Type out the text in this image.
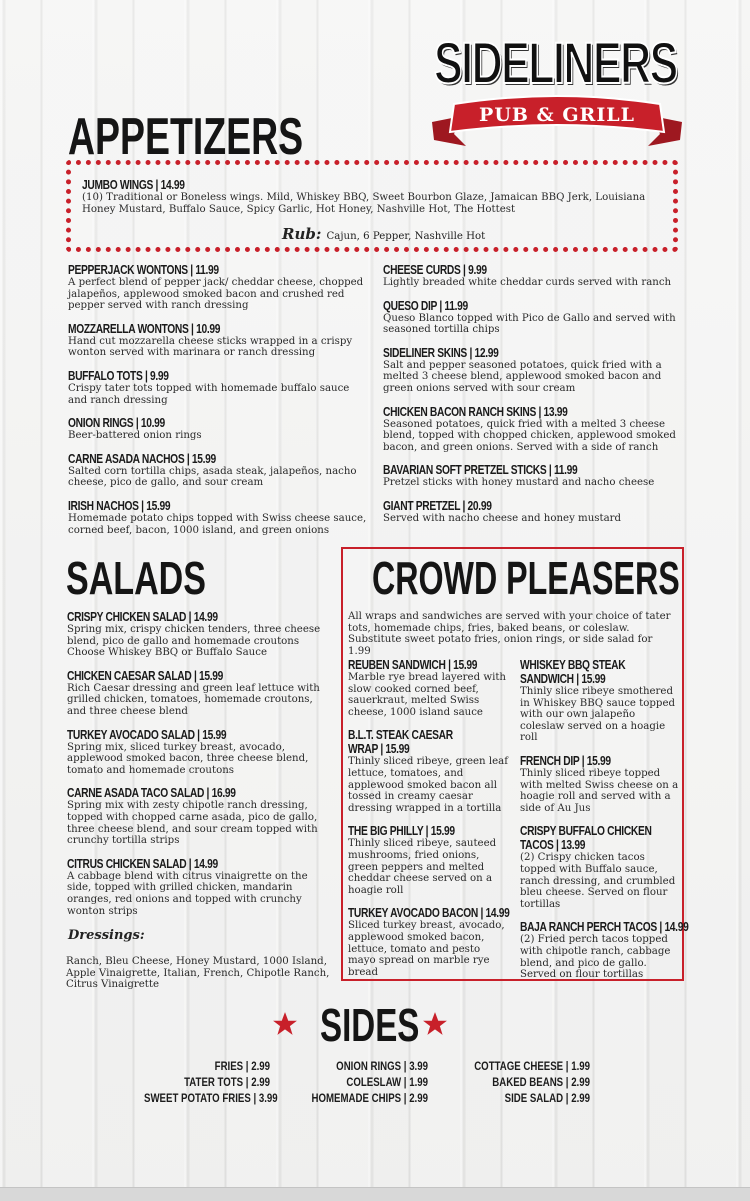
SIDELINERS
PUB & GRILL
APPETIZERS
JUMBO WINGS | 14.99
(10) Traditional or Boneless wings. Mild, Whiskey BBQ, Sweet Bourbon Glaze, Jamaican BBQ Jerk, Louisiana Honey Mustard, Buffalo Sauce, Spicy Garlic, Hot Honey, Nashville Hot, The Hottest
Rub: Cajun, 6 Pepper, Nashville Hot
PEPPERJACK WONTONS | 11.99
A perfect blend of pepper jack/ cheddar cheese, chopped jalapeños, applewood smoked bacon and crushed red pepper served with ranch dressing
MOZZARELLA WONTONS | 10.99
Hand cut mozzarella cheese sticks wrapped in a crispy wonton served with marinara or ranch dressing
BUFFALO TOTS | 9.99
Crispy tater tots topped with homemade buffalo sauce and ranch dressing
ONION RINGS | 10.99
Beer-battered onion rings
CARNE ASADA NACHOS | 15.99
Salted corn tortilla chips, asada steak, jalapeños, nacho cheese, pico de gallo, and sour cream
IRISH NACHOS | 15.99
Homemade potato chips topped with Swiss cheese sauce, corned beef, bacon, 1000 island, and green onions
CHEESE CURDS | 9.99
Lightly breaded white cheddar curds served with ranch
QUESO DIP | 11.99
Queso Blanco topped with Pico de Gallo and served with seasoned tortilla chips
SIDELINER SKINS | 12.99
Salt and pepper seasoned potatoes, quick fried with a melted 3 cheese blend, applewood smoked bacon and green onions served with sour cream
CHICKEN BACON RANCH SKINS | 13.99
Seasoned potatoes, quick fried with a melted 3 cheese blend, topped with chopped chicken, applewood smoked bacon, and green onions. Served with a side of ranch
BAVARIAN SOFT PRETZEL STICKS | 11.99
Pretzel sticks with honey mustard and nacho cheese
GIANT PRETZEL | 20.99
Served with nacho cheese and honey mustard
SALADS
CRISPY CHICKEN SALAD | 14.99
Spring mix, crispy chicken tenders, three cheese blend, pico de gallo and homemade croutons Choose Whiskey BBQ or Buffalo Sauce
CHICKEN CAESAR SALAD | 15.99
Rich Caesar dressing and green leaf lettuce with grilled chicken, tomatoes, homemade croutons, and three cheese blend
TURKEY AVOCADO SALAD | 15.99
Spring mix, sliced turkey breast, avocado, applewood smoked bacon, three cheese blend, tomato and homemade croutons
CARNE ASADA TACO SALAD | 16.99
Spring mix with zesty chipotle ranch dressing, topped with chopped carne asada, pico de gallo, three cheese blend, and sour cream topped with crunchy tortilla strips
CITRUS CHICKEN SALAD | 14.99
A cabbage blend with citrus vinaigrette on the side, topped with grilled chicken, mandarin oranges, red onions and topped with crunchy wonton strips
Dressings:
Ranch, Bleu Cheese, Honey Mustard, 1000 Island, Apple Vinaigrette, Italian, French, Chipotle Ranch, Citrus Vinaigrette
CROWD PLEASERS
All wraps and sandwiches are served with your choice of tater tots, homemade chips, fries, baked beans, or coleslaw. Substitute sweet potato fries, onion rings, or side salad for 1.99
REUBEN SANDWICH | 15.99
Marble rye bread layered with slow cooked corned beef, sauerkraut, melted Swiss cheese, 1000 island sauce
B.L.T. STEAK CAESAR
WRAP | 15.99
Thinly sliced ribeye, green leaf lettuce, tomatoes, and applewood smoked bacon all tossed in creamy caesar dressing wrapped in a tortilla
THE BIG PHILLY | 15.99
Thinly sliced ribeye, sauteed mushrooms, fried onions, green peppers and melted cheddar cheese served on a hoagie roll
TURKEY AVOCADO BACON | 14.99
Sliced turkey breast, avocado, applewood smoked bacon, lettuce, tomato and pesto mayo spread on marble rye bread
WHISKEY BBQ STEAK
SANDWICH | 15.99
Thinly slice ribeye smothered in Whiskey BBQ sauce topped with our own jalapeño coleslaw served on a hoagie roll
FRENCH DIP | 15.99
Thinly sliced ribeye topped with melted Swiss cheese on a hoagie roll and served with a side of Au Jus
CRISPY BUFFALO CHICKEN
TACOS | 13.99
(2) Crispy chicken tacos topped with Buffalo sauce, ranch dressing, and crumbled bleu cheese. Served on flour tortillas
BAJA RANCH PERCH TACOS | 14.99
(2) Fried perch tacos topped with chipotle ranch, cabbage blend, and pico de gallo. Served on flour tortillas
SIDES
FRIES | 2.99
TATER TOTS | 2.99
SWEET POTATO FRIES | 3.99
ONION RINGS | 3.99
COLESLAW | 1.99
HOMEMADE CHIPS | 2.99
COTTAGE CHEESE | 1.99
BAKED BEANS | 2.99
SIDE SALAD | 2.99
